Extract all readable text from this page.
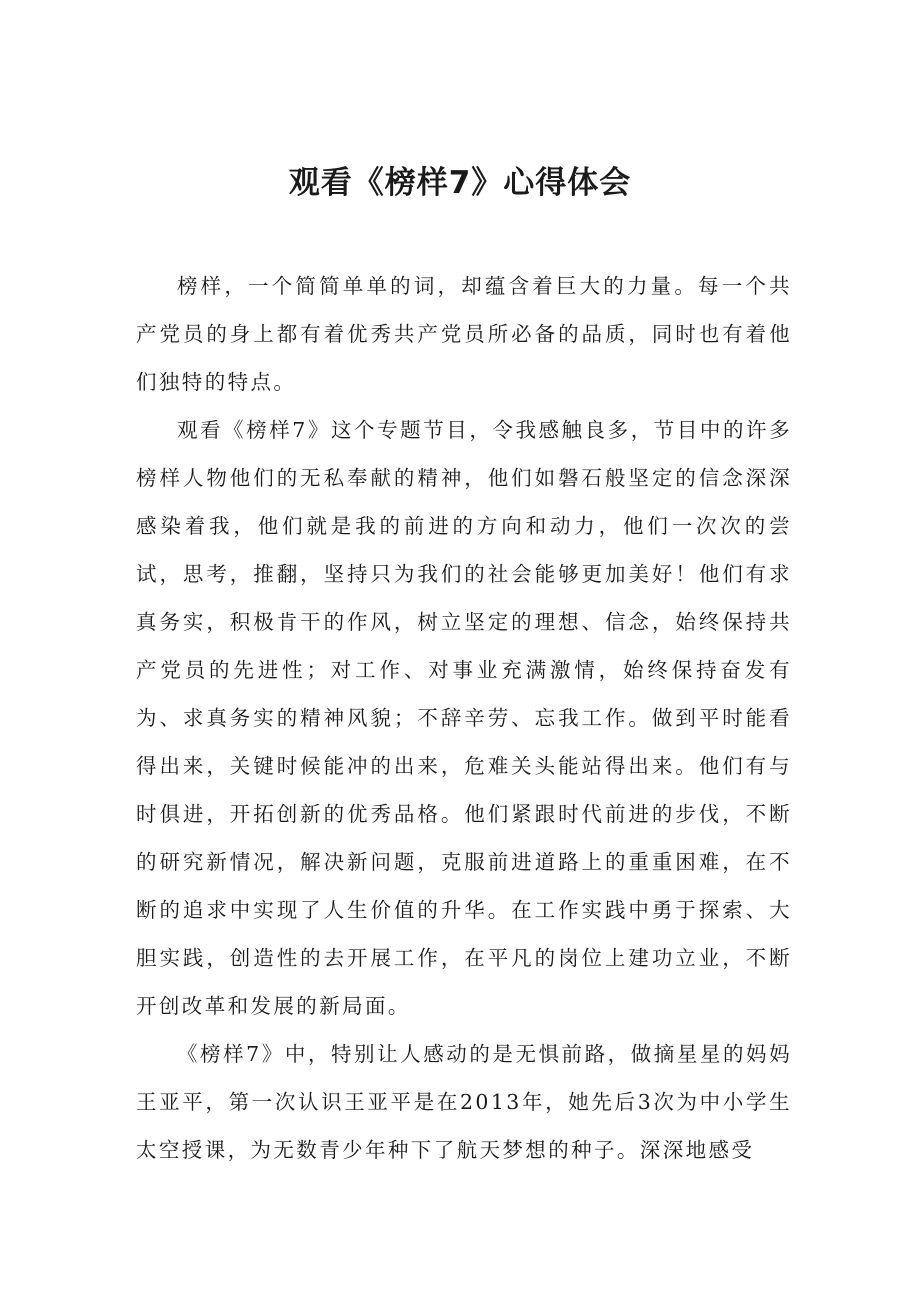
观看《榜样7》心得体会

榜样，一个简简单单的词，却蕴含着巨大的力量。每一个共产党员的身上都有着优秀共产党员所必备的品质，同时也有着他们独特的特点。

观看《榜样7》这个专题节目，令我感触良多，节目中的许多榜样人物他们的无私奉献的精神，他们如磐石般坚定的信念深深感染着我，他们就是我的前进的方向和动力，他们一次次的尝试，思考，推翻，坚持只为我们的社会能够更加美好！他们有求真务实，积极肯干的作风，树立坚定的理想、信念，始终保持共产党员的先进性；对工作、对事业充满激情，始终保持奋发有为、求真务实的精神风貌；不辞辛劳、忘我工作。做到平时能看得出来，关键时候能冲的出来，危难关头能站得出来。他们有与时俱进，开拓创新的优秀品格。他们紧跟时代前进的步伐，不断的研究新情况，解决新问题，克服前进道路上的重重困难，在不断的追求中实现了人生价值的升华。在工作实践中勇于探索、大胆实践，创造性的去开展工作，在平凡的岗位上建功立业，不断开创改革和发展的新局面。

《榜样7》中，特别让人感动的是无惧前路，做摘星星的妈妈王亚平，第一次认识王亚平是在2013年，她先后3次为中小学生太空授课，为无数青少年种下了航天梦想的种子。深深地感受
